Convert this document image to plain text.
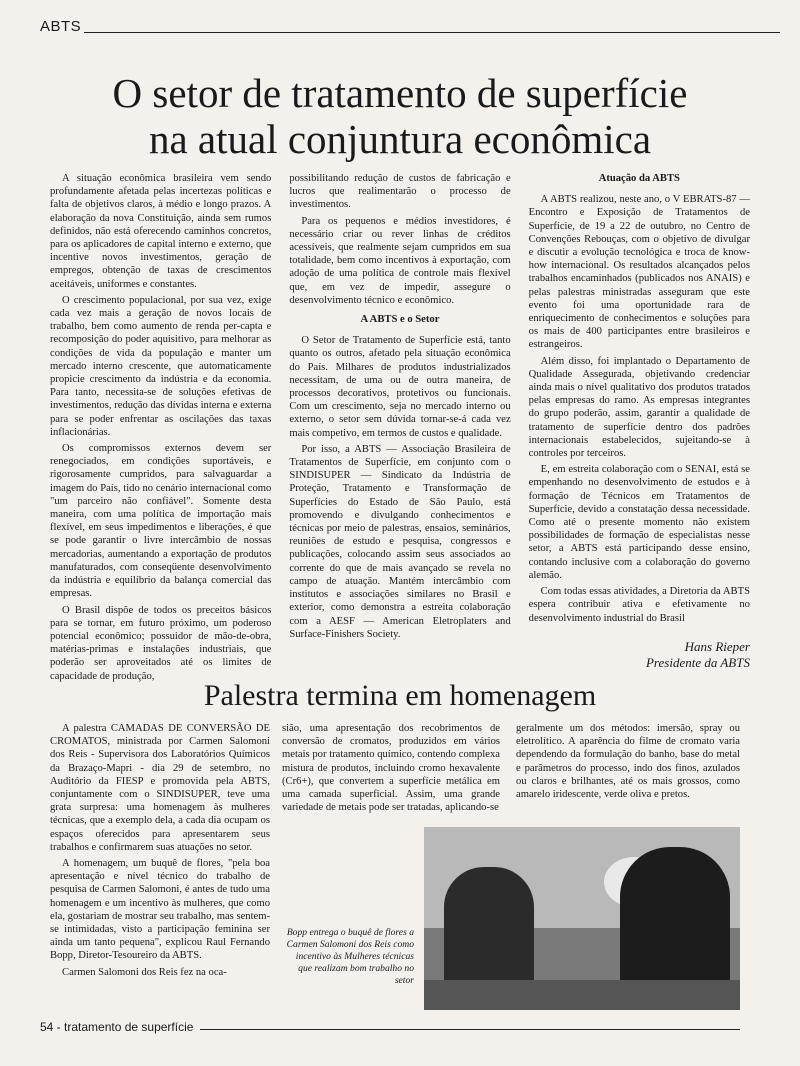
ABTS
O setor de tratamento de superfície
na atual conjuntura econômica

A situação econômica brasileira vem sendo profundamente afetada pelas incertezas políticas e falta de objetivos claros, à médio e longo prazos. A elaboração da nova Constituição, ainda sem rumos definidos, não está oferecendo caminhos concretos, para os aplicadores de capital interno e externo, que incentive novos investimentos, geração de empregos, obtenção de taxas de crescimentos aceitáveis, uniformes e constantes.

O crescimento populacional, por sua vez, exige cada vez mais a geração de novos locais de trabalho, bem como aumento de renda per-capta e recomposição do poder aquisitivo, para melhorar as condições de vida da população e manter um mercado interno crescente, que automaticamente propicie crescimento da indústria e da economia. Para tanto, necessita-se de soluções efetivas de investimentos, redução das dívidas interna e externa para se poder enfrentar as oscilações das taxas inflacionárias.

Os compromissos externos devem ser renegociados, em condições suportáveis, e rigorosamente cumpridos, para salvaguardar a imagem do País, tido no cenário internacional como "um parceiro não confiável". Somente desta maneira, com uma política de importação mais flexível, em seus impedimentos e liberações, é que se pode garantir o livre intercâmbio de nossas mercadorias, aumentando a exportação de produtos manufaturados, com conseqüente desenvolvimento da indústria e equilíbrio da balança comercial das empresas.

O Brasil dispõe de todos os preceitos básicos para se tornar, em futuro próximo, um poderoso potencial econômico; possuidor de mão-de-obra, matérias-primas e instalações industriais, que poderão ser aproveitados até os limites de capacidade de produção,

possibilitando redução de custos de fabricação e lucros que realimentarão o processo de investimentos.

Para os pequenos e médios investidores, é necessário criar ou rever linhas de créditos acessíveis, que realmente sejam cumpridos em sua totalidade, bem como incentivos à exportação, com adoção de uma política de controle mais flexível que, em vez de impedir, assegure o desenvolvimento técnico e econômico.

A ABTS e o Setor

O Setor de Tratamento de Superfície está, tanto quanto os outros, afetado pela situação econômica do País. Milhares de produtos industrializados necessitam, de uma ou de outra maneira, de processos decorativos, protetivos ou funcionais. Com um crescimento, seja no mercado interno ou externo, o setor sem dúvida tornar-se-á cada vez mais competivo, em termos de custos e qualidade.

Por isso, a ABTS — Associação Brasileira de Tratamentos de Superfície, em conjunto com o SINDISUPER — Sindicato da Indústria de Proteção, Tratamento e Transformação de Superfícies do Estado de São Paulo, está promovendo e divulgando conhecimentos e técnicas por meio de palestras, ensaios, seminários, reuniões de estudo e pesquisa, congressos e publicações, colocando assim seus associados ao corrente do que de mais avançado se revela no campo de atuação. Mantém intercâmbio com institutos e associações similares no Brasil e exterior, como demonstra a estreita colaboração com a AESF — American Eletroplaters and Surface-Finishers Society.

Atuação da ABTS

A ABTS realizou, neste ano, o V EBRATS-87 — Encontro e Exposição de Tratamentos de Superfície, de 19 a 22 de outubro, no Centro de Convenções Rebouças, com o objetivo de divulgar e discutir a evolução tecnológica e troca de know-how internacional. Os resultados alcançados pelos trabalhos encaminhados (publicados nos ANAIS) e pelas palestras ministradas asseguram que este evento foi uma oportunidade rara de enriquecimento de conhecimentos e soluções para os mais de 400 participantes entre brasileiros e estrangeiros.

Além disso, foi implantado o Departamento de Qualidade Assegurada, objetivando credenciar ainda mais o nível qualitativo dos produtos tratados pelas empresas do ramo. As empresas integrantes do grupo poderão, assim, garantir a qualidade de tratamento de superfície dentro dos padrões internacionais estabelecidos, sujeitando-se à controles por terceiros.

E, em estreita colaboração com o SENAI, está se empenhando no desenvolvimento de estudos e à formação de Técnicos em Tratamentos de Superfície, devido a constatação dessa necessidade. Como até o presente momento não existem possibilidades de formação de especialistas nesse setor, a ABTS está participando desse ensino, contando inclusive com a colaboração do governo alemão.

Com todas essas atividades, a Diretoria da ABTS espera contribuir ativa e efetivamente no desenvolvimento industrial do Brasil

Hans Rieper
Presidente da ABTS
Palestra termina em homenagem

A palestra CAMADAS DE CONVERSÃO DE CROMATOS, ministrada por Carmen Salomoni dos Reis - Supervisora dos Laboratórios Químicos da Brazaço-Mapri - dia 29 de setembro, no Auditório da FIESP e promovida pela ABTS, conjuntamente com o SINDISUPER, teve uma grata surpresa: uma homenagem às mulheres técnicas, que a exemplo dela, a cada dia ocupam os espaços oferecidos para apresentarem seus trabalhos e confirmarem suas atuações no setor.

A homenagem, um buquê de flores, "pela boa apresentação e nível técnico do trabalho de pesquisa de Carmen Salomoni, é antes de tudo uma homenagem e um incentivo às mulheres, que como ela, gostariam de mostrar seu trabalho, mas sentem-se intimidadas, visto a participação feminina ser ainda um tanto pequena", explicou Raul Fernando Bopp, Diretor-Tesoureiro da ABTS.

Carmen Salomoni dos Reis fez na oca-

sião, uma apresentação dos recobrimentos de conversão de cromatos, produzidos em vários metais por tratamento químico, contendo complexa mistura de produtos, incluindo cromo hexavalente (Cr6+), que convertem a superfície metálica em uma camada superficial. Assim, uma grande variedade de metais pode ser tratadas, aplicando-se

geralmente um dos métodos: imersão, spray ou eletrolítico. A aparência do filme de cromato varia dependendo da formulação do banho, base do metal e parâmetros do processo, indo dos finos, azulados ou claros e brilhantes, até os mais grossos, como amarelo iridescente, verde oliva e pretos.

Bopp entrega o buquê de flores a Carmen Salomoni dos Reis como incentivo às Mulheres técnicas que realizam bom trabalho no setor
54 - tratamento de superfície
